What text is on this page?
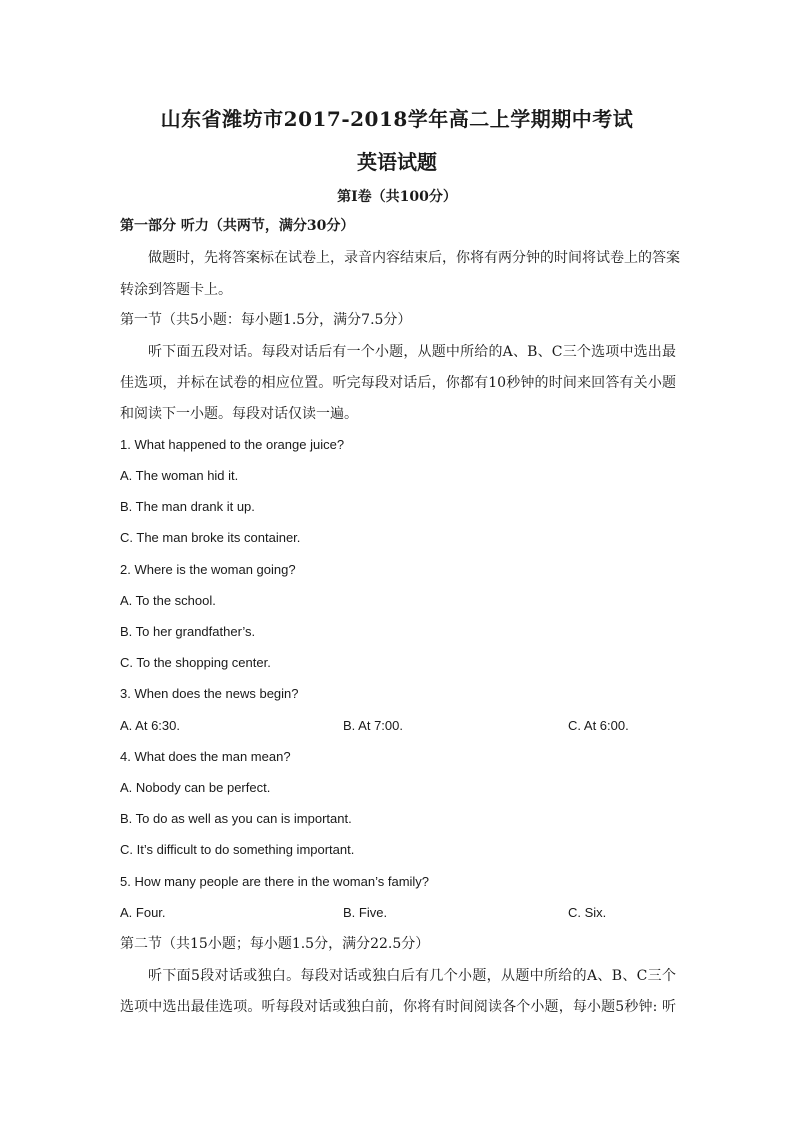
山东省潍坊市2017-2018学年高二上学期期中考试
英语试题
第Ⅰ卷（共100分）
第一部分 听力（共两节，满分30分）
做题时，先将答案标在试卷上，录音内容结束后，你将有两分钟的时间将试卷上的答案
转涂到答题卡上。
第一节（共5小题：每小题1.5分，满分7.5分）
听下面五段对话。每段对话后有一个小题，从题中所给的A、B、C三个选项中选出最
佳选项，并标在试卷的相应位置。听完每段对话后，你都有10秒钟的时间来回答有关小题
和阅读下一小题。每段对话仅读一遍。
1. What happened to the orange juice?
A. The woman hid it.
B. The man drank it up.
C. The man broke its container.
2. Where is the woman going?
A. To the school.
B. To her grandfather’s.
C. To the shopping center.
3. When does the news begin?
A. At 6:30.	B. At 7:00.	C. At 6:00.
4. What does the man mean?
A. Nobody can be perfect.
B. To do as well as you can is important.
C. It’s difficult to do something important.
5. How many people are there in the woman’s family?
A. Four.	B. Five.	C. Six.
第二节（共15小题；每小题1.5分，满分22.5分）
听下面5段对话或独白。每段对话或独白后有几个小题，从题中所给的A、B、C三个
选项中选出最佳选项。听每段对话或独白前，你将有时间阅读各个小题，每小题5秒钟: 听
